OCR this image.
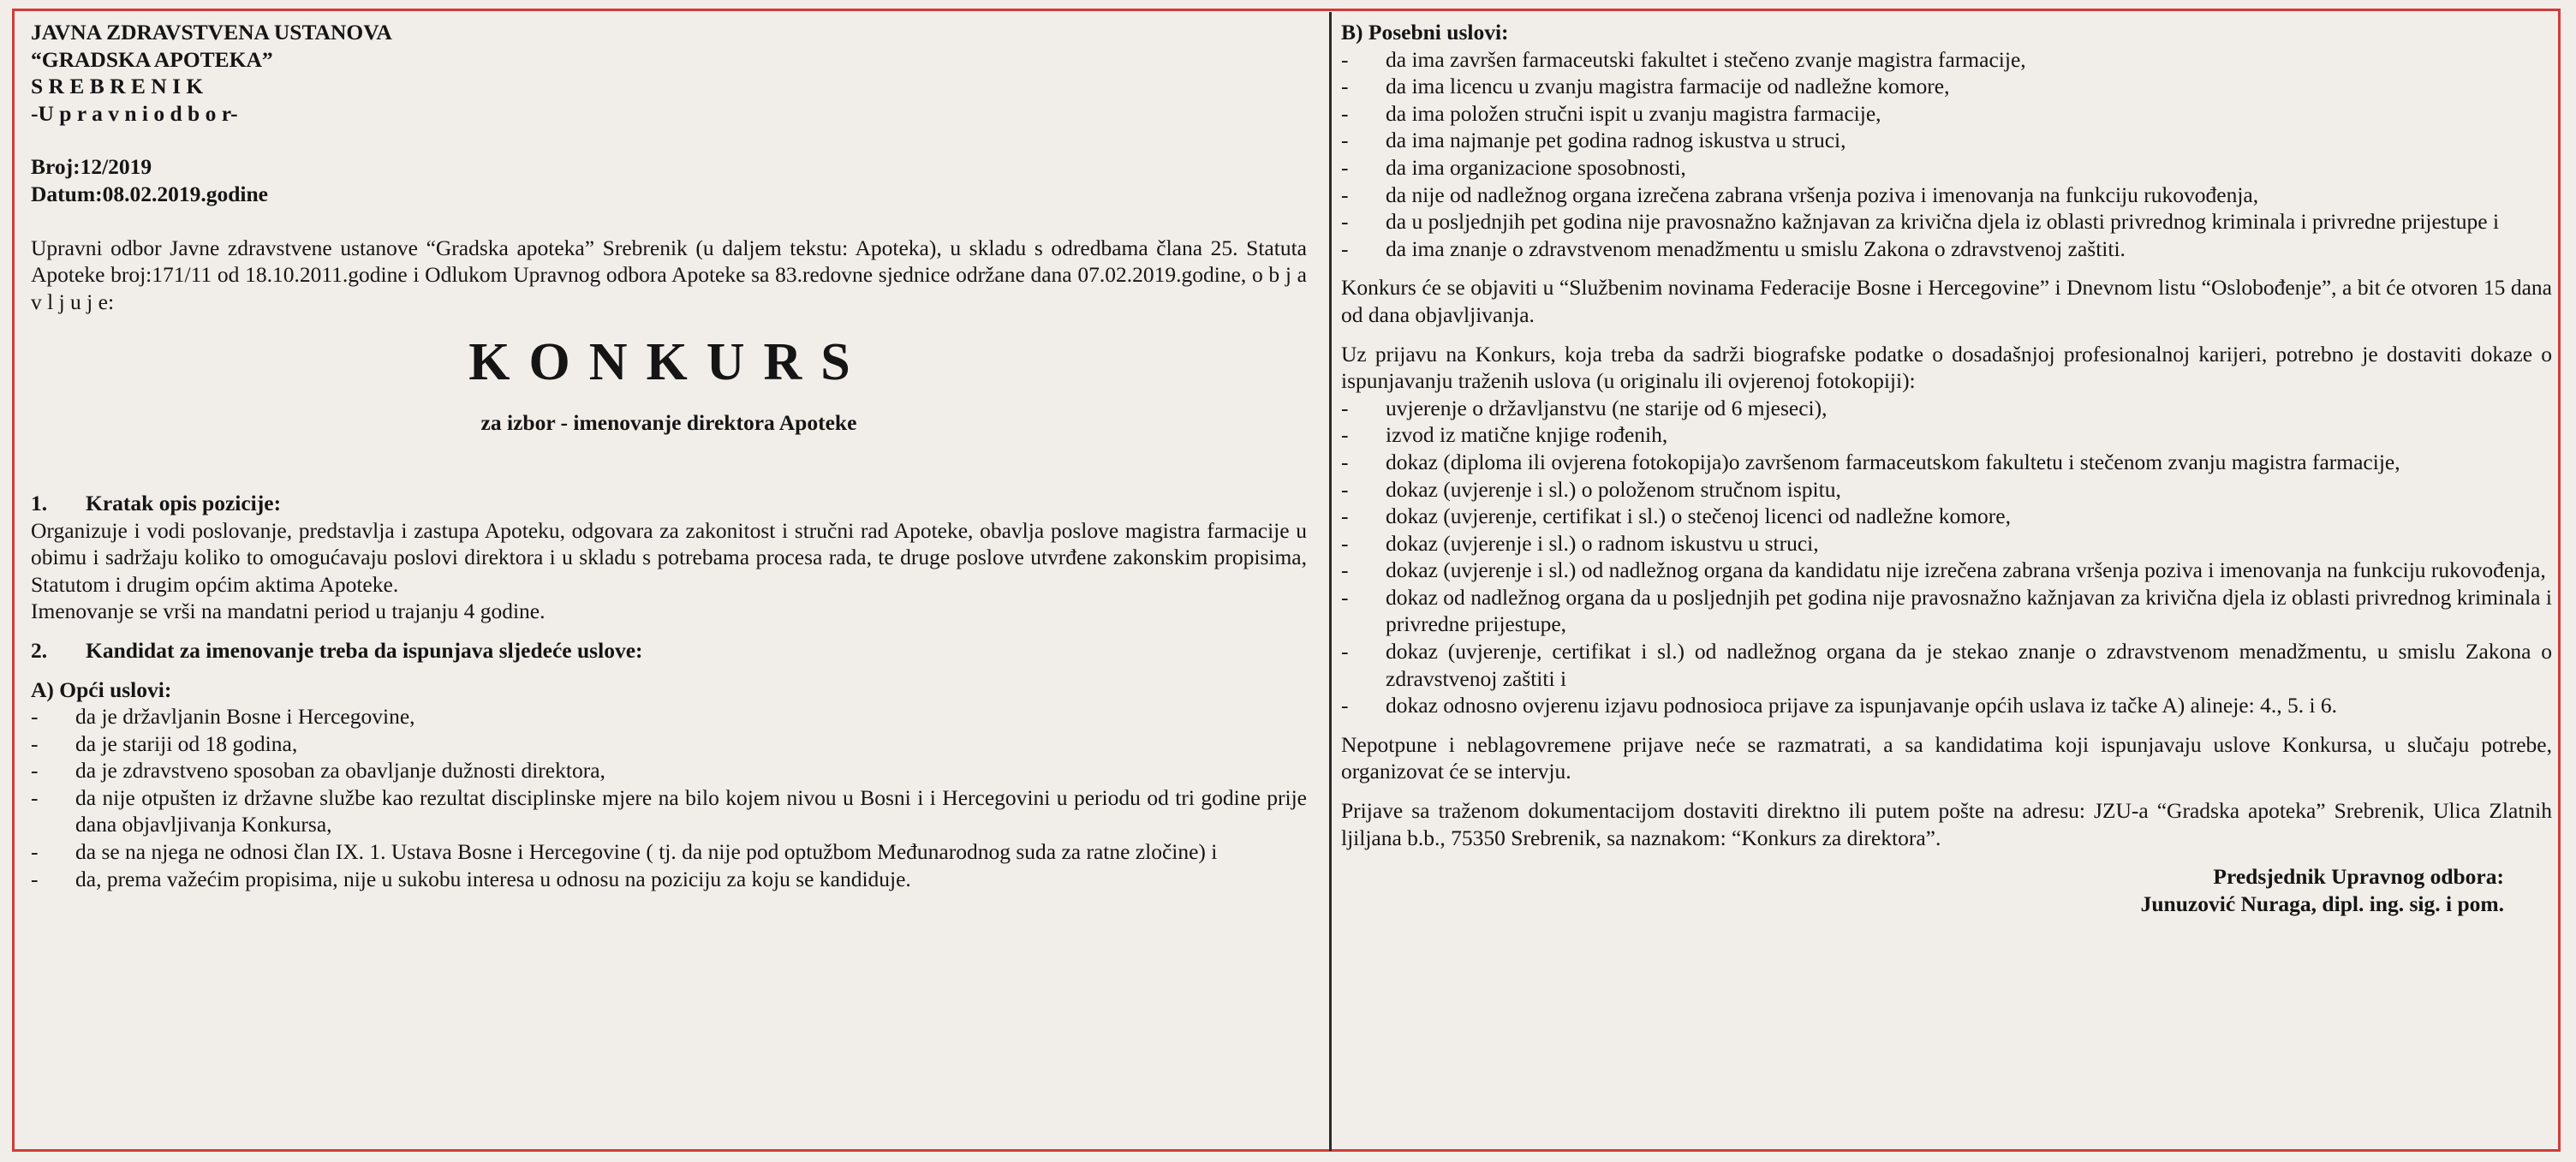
JAVNA ZDRAVSTVENA USTANOVA

“GRADSKA APOTEKA”

S R E B R E N I K

-U p r a v n i o d b o r-

Broj:12/2019

Datum:08.02.2019.godine

Upravni odbor Javne zdravstvene ustanove “Gradska apoteka” Srebrenik (u daljem tekstu: Apoteka), u skladu s odredbama člana 25. Statuta Apoteke broj:171/11 od 18.10.2011.godine i Odlukom Upravnog odbora Apoteke sa 83.redovne sjednice održane dana 07.02.2019.godine, o b j a v l j u j e:

KONKURS

za izbor - imenovanje direktora Apoteke

1. Kratak opis pozicije:

Organizuje i vodi poslovanje, predstavlja i zastupa Apoteku, odgovara za zakonitost i stručni rad Apoteke, obavlja poslove magistra farmacije u obimu i sadržaju koliko to omogućavaju poslovi direktora i u skladu s potrebama procesa rada, te druge poslove utvrđene zakonskim propisima, Statutom i drugim općim aktima Apoteke.

Imenovanje se vrši na mandatni period u trajanju 4 godine.

2. Kandidat za imenovanje treba da ispunjava sljedeće uslove:

A) Opći uslovi:

- da je državljanin Bosne i Hercegovine,
- da je stariji od 18 godina,
- da je zdravstveno sposoban za obavljanje dužnosti direktora,
- da nije otpušten iz državne službe kao rezultat disciplinske mjere na bilo kojem nivou u Bosni i i Hercegovini u periodu od tri godine prije dana objavljivanja Konkursa,
- da se na njega ne odnosi član IX. 1. Ustava Bosne i Hercegovine ( tj. da nije pod optužbom Međunarodnog suda za ratne zločine) i
- da, prema važećim propisima, nije u sukobu interesa u odnosu na poziciju za koju se kandiduje.

B) Posebni uslovi:

- da ima završen farmaceutski fakultet i stečeno zvanje magistra farmacije,
- da ima licencu u zvanju magistra farmacije od nadležne komore,
- da ima položen stručni ispit u zvanju magistra farmacije,
- da ima najmanje pet godina radnog iskustva u struci,
- da ima organizacione sposobnosti,
- da nije od nadležnog organa izrečena zabrana vršenja poziva i imenovanja na funkciju rukovođenja,
- da u posljednjih pet godina nije pravosnažno kažnjavan za krivična djela iz oblasti privrednog kriminala i privredne prijestupe i
- da ima znanje o zdravstvenom menadžmentu u smislu Zakona o zdravstvenoj zaštiti.

Konkurs će se objaviti u “Službenim novinama Federacije Bosne i Hercegovine” i Dnevnom listu “Oslobođenje”, a bit će otvoren 15 dana od dana objavljivanja.

Uz prijavu na Konkurs, koja treba da sadrži biografske podatke o dosadašnjoj profesionalnoj karijeri, potrebno je dostaviti dokaze o ispunjavanju traženih uslova (u originalu ili ovjerenoj fotokopiji):

- uvjerenje o državljanstvu (ne starije od 6 mjeseci),
- izvod iz matične knjige rođenih,
- dokaz (diploma ili ovjerena fotokopija)o završenom farmaceutskom fakultetu i stečenom zvanju magistra farmacije,
- dokaz (uvjerenje i sl.) o položenom stručnom ispitu,
- dokaz (uvjerenje, certifikat i sl.) o stečenoj licenci od nadležne komore,
- dokaz (uvjerenje i sl.) o radnom iskustvu u struci,
- dokaz (uvjerenje i sl.) od nadležnog organa da kandidatu nije izrečena zabrana vršenja poziva i imenovanja na funkciju rukovođenja,
- dokaz od nadležnog organa da u posljednjih pet godina nije pravosnažno kažnjavan za krivična djela iz oblasti privrednog kriminala i privredne prijestupe,
- dokaz (uvjerenje, certifikat i sl.) od nadležnog organa da je stekao znanje o zdravstvenom menadžmentu, u smislu Zakona o zdravstvenoj zaštiti i
- dokaz odnosno ovjerenu izjavu podnosioca prijave za ispunjavanje općih uslava iz tačke A) alineje: 4., 5. i 6.

Nepotpune i neblagovremene prijave neće se razmatrati, a sa kandidatima koji ispunjavaju uslove Konkursa, u slučaju potrebe, organizovat će se intervju.

Prijave sa traženom dokumentacijom dostaviti direktno ili putem pošte na adresu: JZU-a “Gradska apoteka” Srebrenik, Ulica Zlatnih ljiljana b.b., 75350 Srebrenik, sa naznakom: “Konkurs za direktora”.

Predsjednik Upravnog odbora:
Junuzović Nuraga, dipl. ing. sig. i pom.
